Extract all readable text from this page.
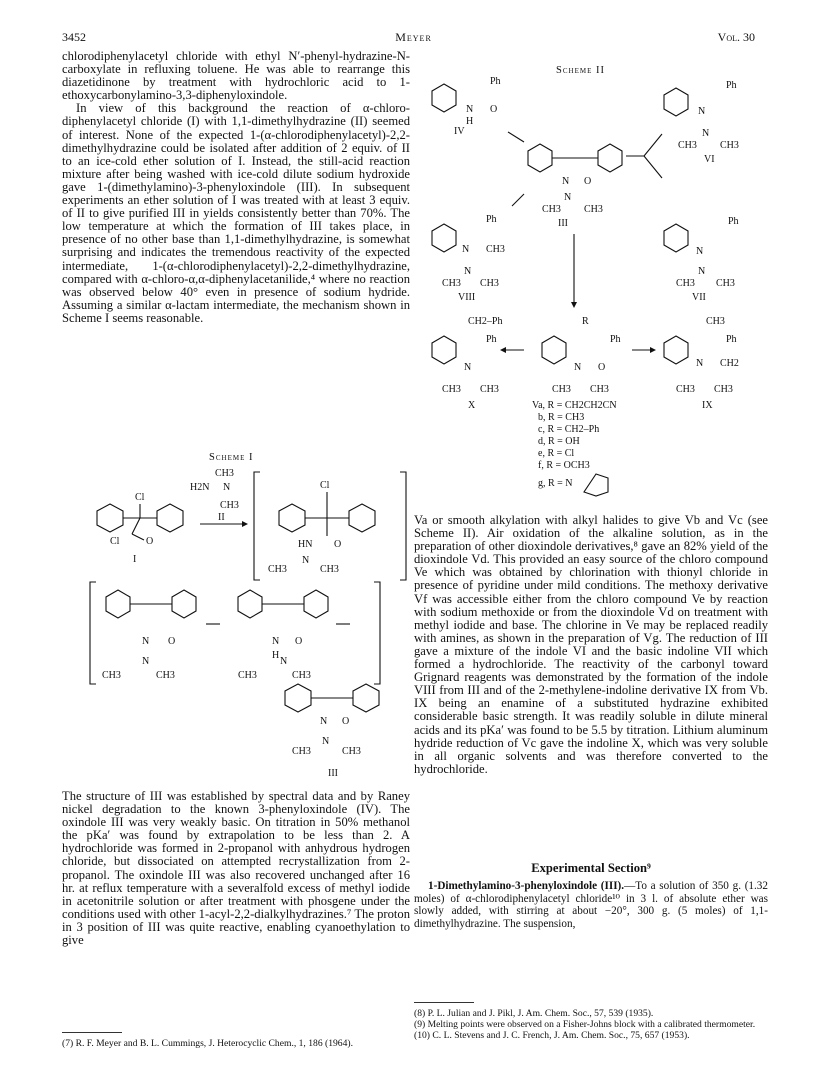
3452	Meyer	Vol. 30

chlorodiphenylacetyl chloride with ethyl N′-phenyl-hydrazine-N-carboxylate in refluxing toluene. He was able to rearrange this diazetidinone by treatment with hydrochloric acid to 1-ethoxycarbonylamino-3,3-diphenyloxindole.

In view of this background the reaction of α-chloro-diphenylacetyl chloride (I) with 1,1-dimethylhydrazine (II) seemed of interest. None of the expected 1-(α-chlorodiphenylacetyl)-2,2-dimethylhydrazine could be isolated after addition of 2 equiv. of II to an ice-cold ether solution of I. Instead, the still-acid reaction mixture after being washed with ice-cold dilute sodium hydroxide gave 1-(dimethylamino)-3-phenyloxindole (III). In subsequent experiments an ether solution of I was treated with at least 3 equiv. of II to give purified III in yields consistently better than 70%. The low temperature at which the formation of III takes place, in presence of no other base than 1,1-dimethylhydrazine, is somewhat surprising and indicates the tremendous reactivity of the expected intermediate, 1-(α-chlorodiphenylacetyl)-2,2-dimethylhydrazine, compared with α-chloro-α,α-diphenylacetanilide,⁴ where no reaction was observed below 40° even in presence of sodium hydride. Assuming a similar α-lactam intermediate, the mechanism shown in Scheme I seems reasonable.

Scheme I
Cl
Cl	O
I
H2N
CH3
N
CH3
II
Cl
HN O
N
CH3	CH3
N O
N
CH3	CH3
N O
H
N
CH3	CH3
N O
N
CH3	CH3
III

The structure of III was established by spectral data and by Raney nickel degradation to the known 3-phenyloxindole (IV). The oxindole III was very weakly basic. On titration in 50% methanol the pKa′ was found by extrapolation to be less than 2. A hydrochloride was formed in 2-propanol with anhydrous hydrogen chloride, but dissociated on attempted recrystallization from 2-propanol. The oxindole III was also recovered unchanged after 16 hr. at reflux temperature with a severalfold excess of methyl iodide in acetonitrile solution or after treatment with phosgene under the conditions used with other 1-acyl-2,2-dialkylhydrazines.⁷ The proton in 3 position of III was quite reactive, enabling cyanoethylation to give

(7) R. F. Meyer and B. L. Cummings, J. Heterocyclic Chem., 1, 186 (1964).
Scheme II
Ph
N O
H
IV
Ph
N
N
CH3 CH3
VI
N O
N
CH3 CH3
III
Ph
N CH3
N
CH3 CH3
VIII
Ph
N
N
CH3 CH3
VII
CH2–Ph
Ph
N
CH3 CH3
X
R
Ph
N O
CH3 CH3
CH3
Ph
N CH2
CH3 CH3
IX
Va, R = CH2CH2CN
b, R = CH3
c, R = CH2–Ph
d, R = OH
e, R = Cl
f, R = OCH3
g, R = N

Va or smooth alkylation with alkyl halides to give Vb and Vc (see Scheme II). Air oxidation of the alkaline solution, as in the preparation of other dioxindole derivatives,⁸ gave an 82% yield of the dioxindole Vd. This provided an easy source of the chloro compound Ve which was obtained by chlorination with thionyl chloride in presence of pyridine under mild conditions. The methoxy derivative Vf was accessible either from the chloro compound Ve by reaction with sodium methoxide or from the dioxindole Vd on treatment with methyl iodide and base. The chlorine in Ve may be replaced readily with amines, as shown in the preparation of Vg. The reduction of III gave a mixture of the indole VI and the basic indoline VII which formed a hydrochloride. The reactivity of the carbonyl toward Grignard reagents was demonstrated by the formation of the indole VIII from III and of the 2-methylene-indoline derivative IX from Vb. IX being an enamine of a substituted hydrazine exhibited considerable basic strength. It was readily soluble in dilute mineral acids and its pKa′ was found to be 5.5 by titration. Lithium aluminum hydride reduction of Vc gave the indoline X, which was very soluble in all organic solvents and was therefore converted to the hydrochloride.

Experimental Section⁹

1-Dimethylamino-3-phenyloxindole (III).—To a solution of 350 g. (1.32 moles) of α-chlorodiphenylacetyl chloride¹⁰ in 3 l. of absolute ether was slowly added, with stirring at about −20°, 300 g. (5 moles) of 1,1-dimethylhydrazine. The suspension,

(8) P. L. Julian and J. Pikl, J. Am. Chem. Soc., 57, 539 (1935).
(9) Melting points were observed on a Fisher-Johns block with a calibrated thermometer.
(10) C. L. Stevens and J. C. French, J. Am. Chem. Soc., 75, 657 (1953).
